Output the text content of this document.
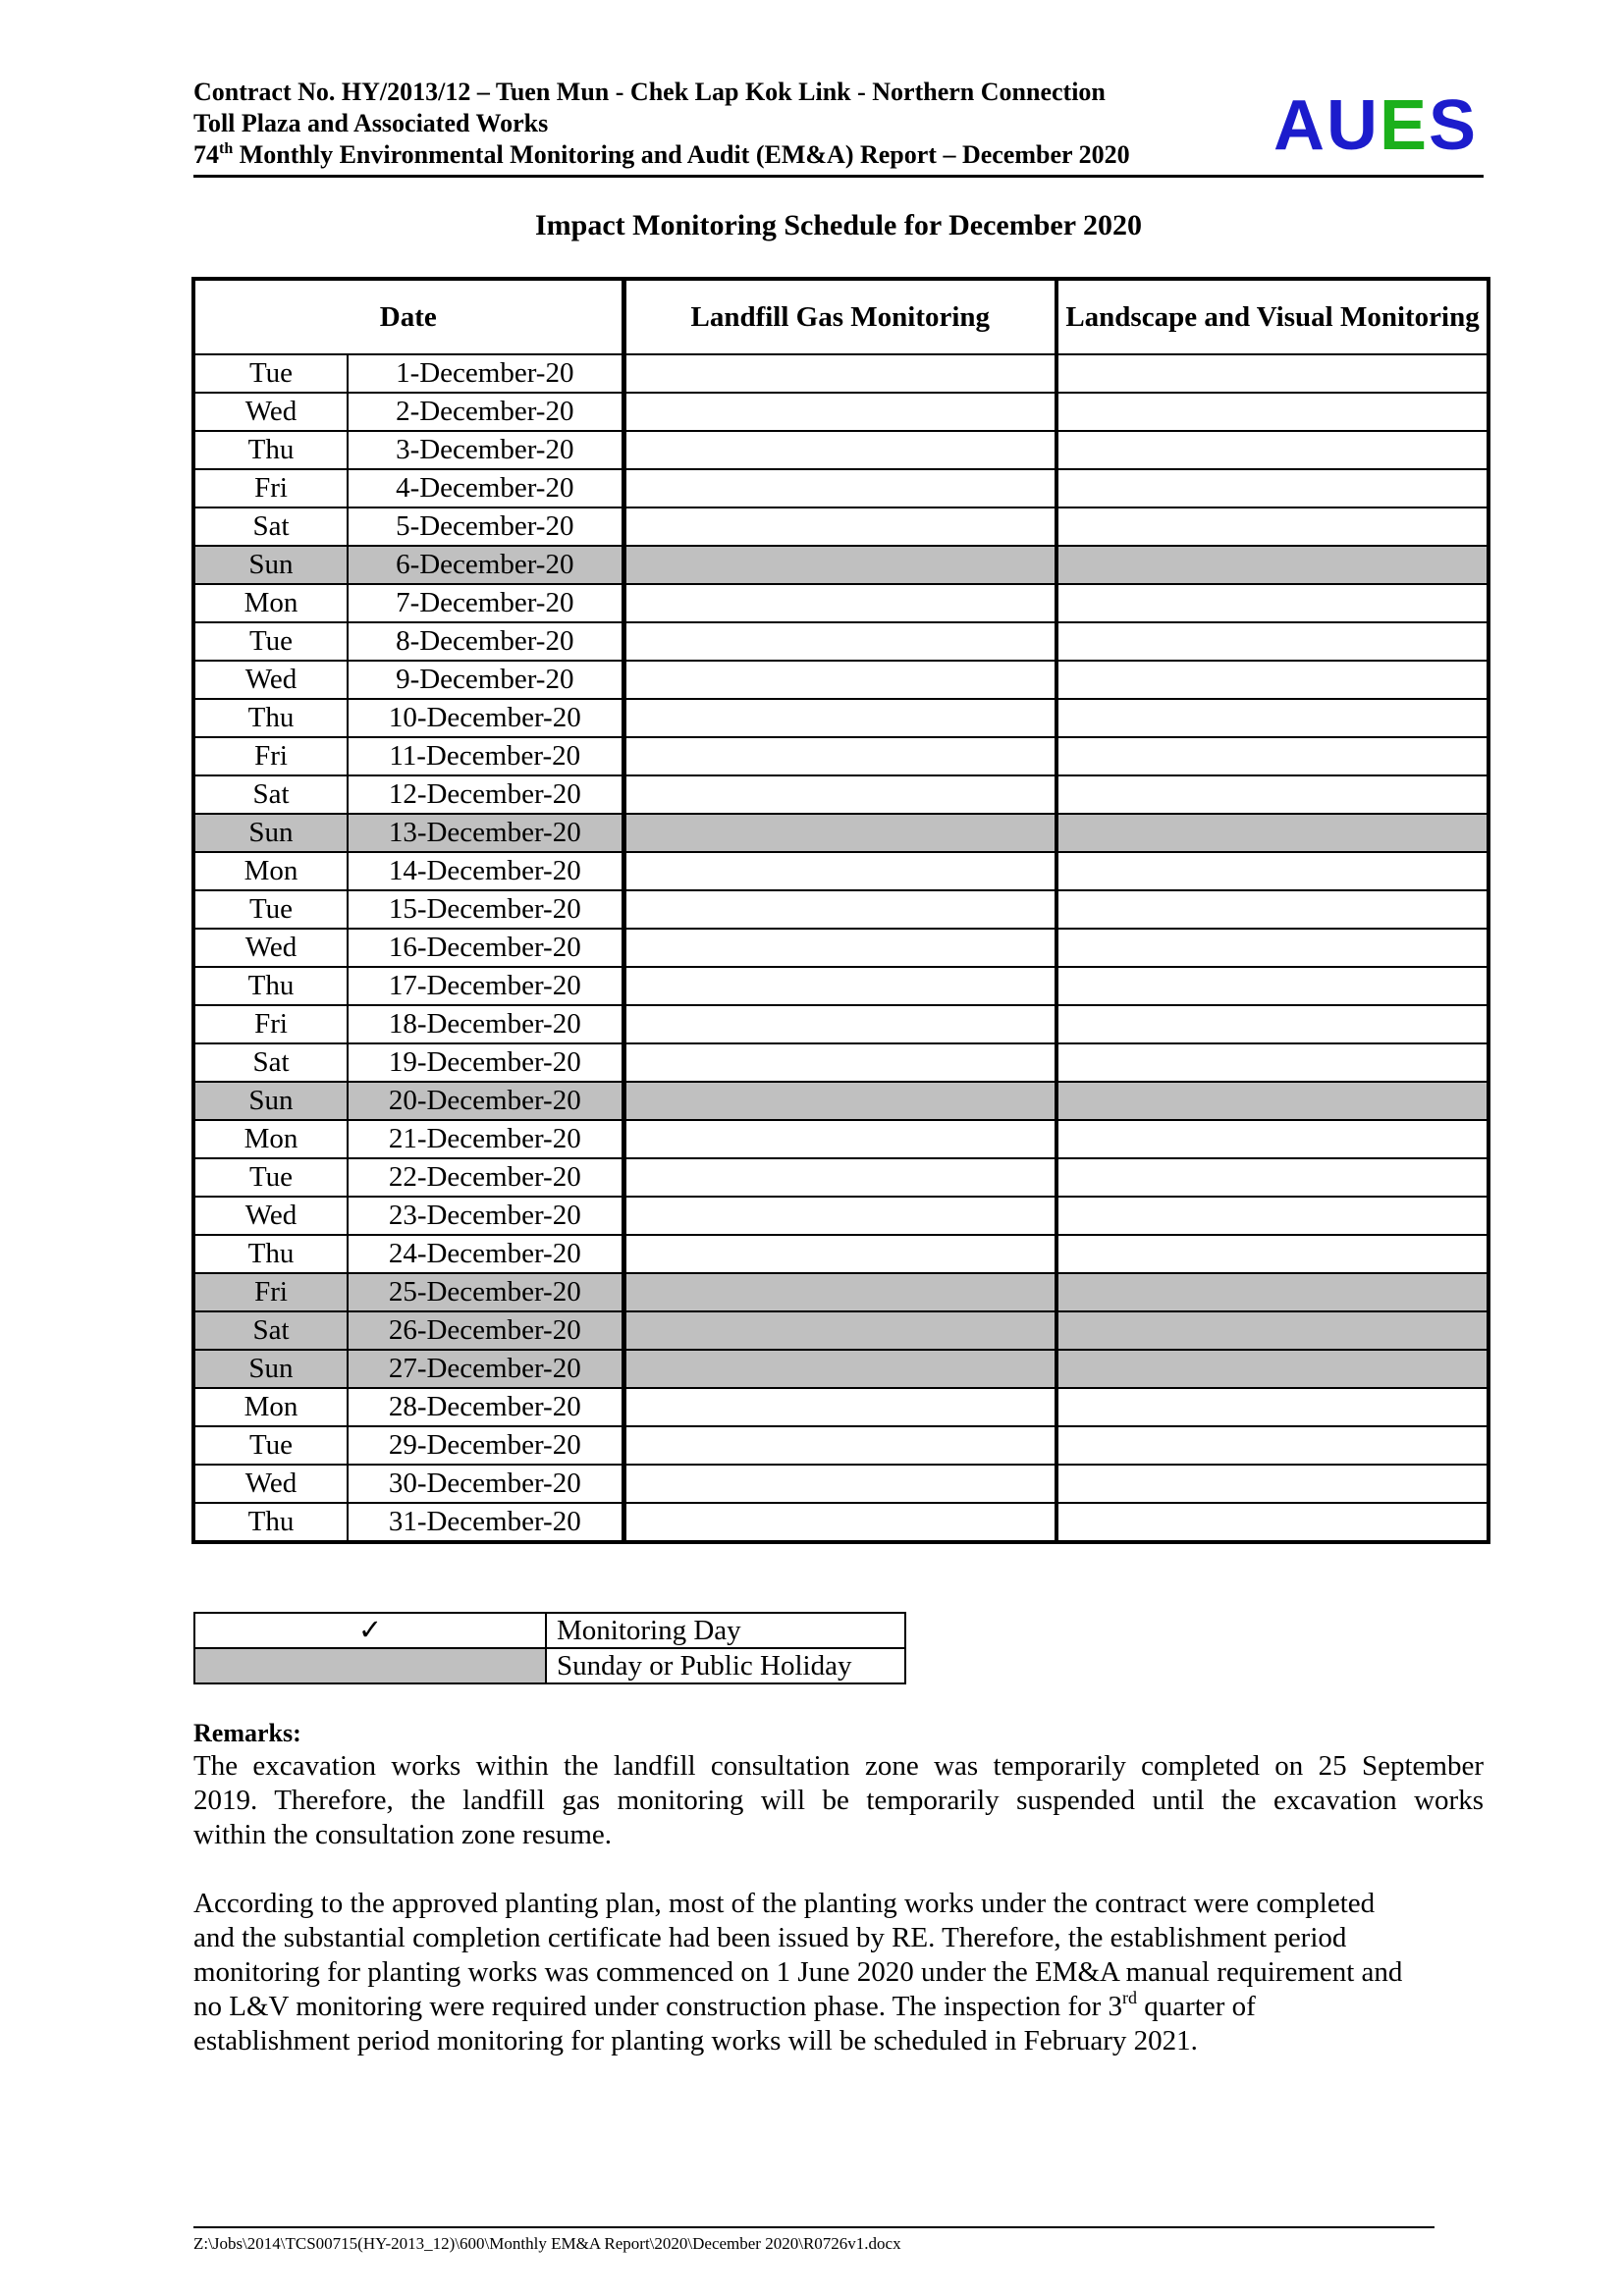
Contract No. HY/2013/12 – Tuen Mun - Chek Lap Kok Link - Northern Connection
Toll Plaza and Associated Works
74th Monthly Environmental Monitoring and Audit (EM&A) Report – December 2020 AUES
Impact Monitoring Schedule for December 2020
Date		Landfill Gas Monitoring	Landscape and Visual Monitoring
Tue	1-December-20		
Wed	2-December-20		
Thu	3-December-20		
Fri	4-December-20		
Sat	5-December-20		
Sun	6-December-20		
Mon	7-December-20		
Tue	8-December-20		
Wed	9-December-20		
Thu	10-December-20		
Fri	11-December-20		
Sat	12-December-20		
Sun	13-December-20		
Mon	14-December-20		
Tue	15-December-20		
Wed	16-December-20		
Thu	17-December-20		
Fri	18-December-20		
Sat	19-December-20		
Sun	20-December-20		
Mon	21-December-20		
Tue	22-December-20		
Wed	23-December-20		
Thu	24-December-20		
Fri	25-December-20		
Sat	26-December-20		
Sun	27-December-20		
Mon	28-December-20		
Tue	29-December-20		
Wed	30-December-20		
Thu	31-December-20		
✓	Monitoring Day
	Sunday or Public Holiday
Remarks:
The excavation works within the landfill consultation zone was temporarily completed on 25 September
2019. Therefore, the landfill gas monitoring will be temporarily suspended until the excavation works
within the consultation zone resume.
According to the approved planting plan, most of the planting works under the contract were completed
and the substantial completion certificate had been issued by RE. Therefore, the establishment period
monitoring for planting works was commenced on 1 June 2020 under the EM&A manual requirement and
no L&V monitoring were required under construction phase. The inspection for 3rd quarter of
establishment period monitoring for planting works will be scheduled in February 2021.
Z:\Jobs\2014\TCS00715(HY-2013_12)\600\Monthly EM&A Report\2020\December 2020\R0726v1.docx
